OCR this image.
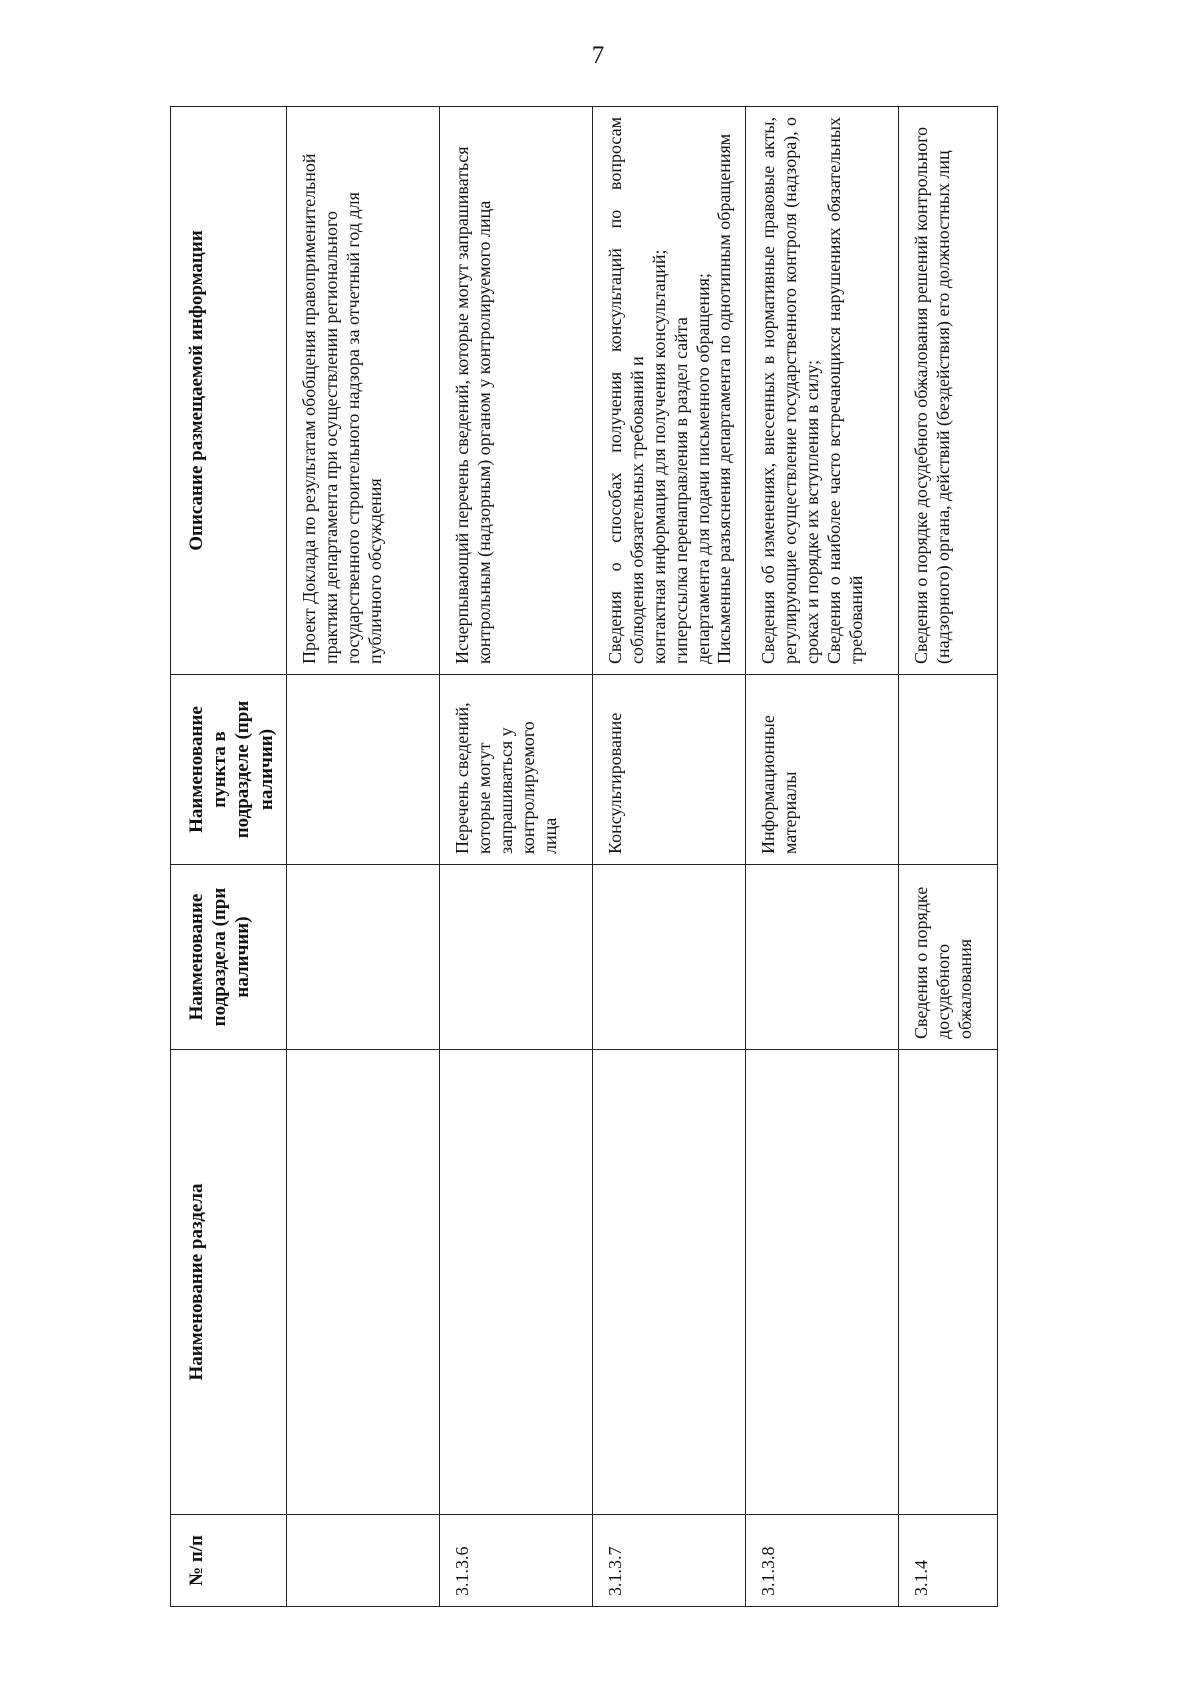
7
№ п/п	Наименование раздела	Наименование подраздела (при наличии)	Наименование пункта в подразделе (при наличии)	Описание размещаемой информации
				Проект Доклада по результатам обобщения правоприменительной практики департамента при осуществлении регионального государственного строительного надзора за отчетный год для публичного обсуждения
3.1.3.6			Перечень сведений, которые могут запрашиваться у контролируемого лица	Исчерпывающий перечень сведений, которые могут запрашиваться контрольным (надзорным) органом у контролируемого лица
3.1.3.7			Консультирование	Сведения о способах получения консультаций по вопросам соблюдения обязательных требований и контактная информация для получения консультаций; гиперссылка перенаправления в раздел сайта департамента для подачи письменного обращения; Письменные разъяснения департамента по однотипным обращениям

3.1.3.8			Информационные материалы	Сведения об изменениях, внесенных в нормативные правовые акты, регулирующие осуществление государственного контроля (надзора), о сроках и порядке их вступления в силу; Сведения о наиболее часто встречающихся нарушениях обязательных требований

3.1.4		Сведения о порядке досудебного обжалования		Сведения о порядке досудебного обжалования решений контрольного (надзорного) органа, действий (бездействия) его должностных лиц
